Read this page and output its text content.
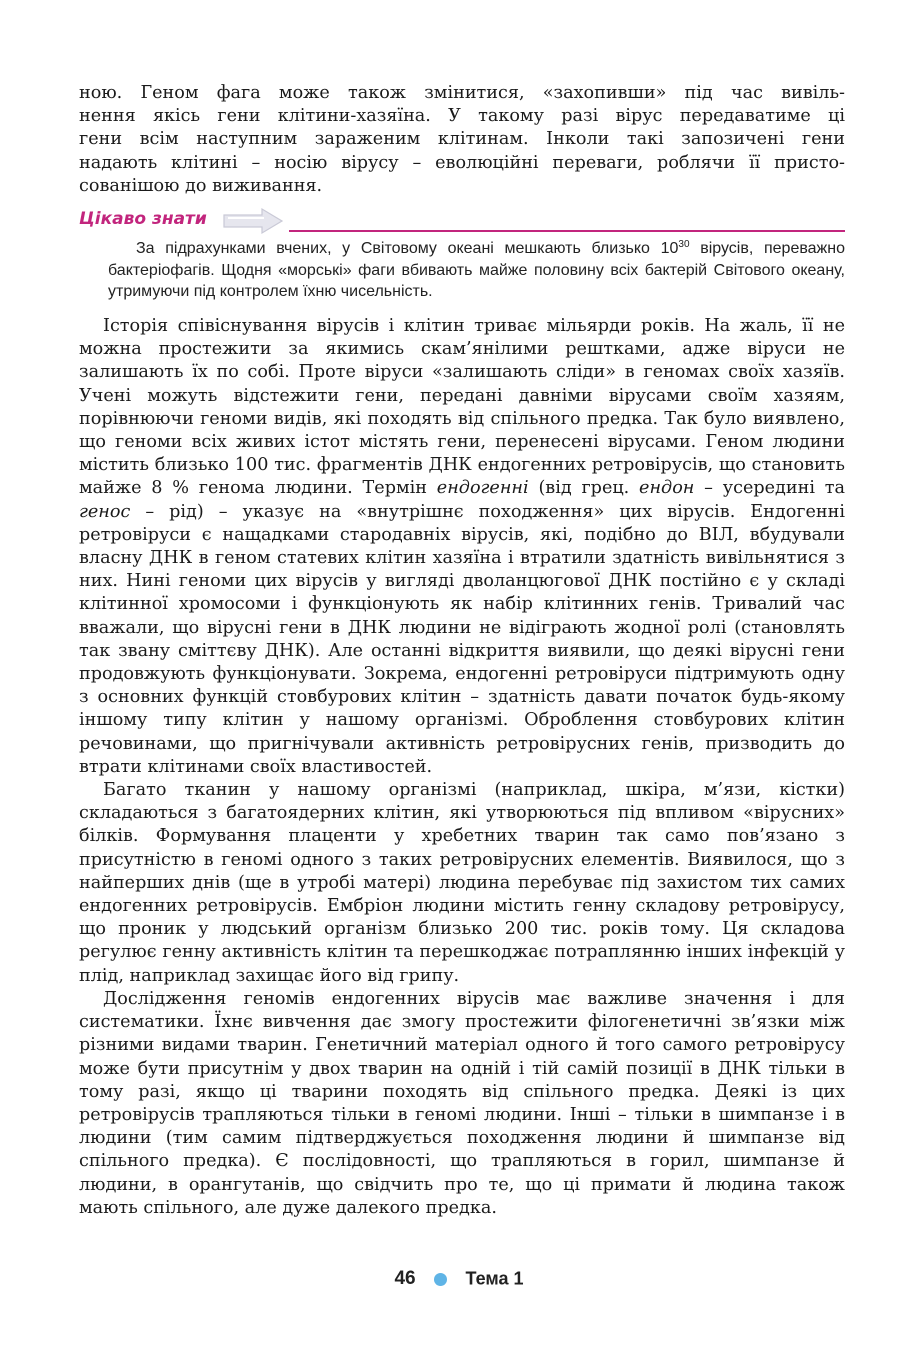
ною. Геном фага може також змінитися, «захопивши» під час вивіль-

нення якісь гени клітини-хазяїна. У такому разі вірус передаватиме ці

гени всім наступним зараженим клітинам. Інколи такі запозичені гени

надають клітині – носію вірусу – еволюційні переваги, роблячи її присто-

сованішою до виживання.

Цікаво знати

За підрахунками вчених, у Світовому океані мешкають близько $10^{30}$ вірусів, переважно бактеріофагів. Щодня «морські» фаги вбивають майже половину всіх бактерій Світового океану, утримуючи під контролем їхню чисельність.

Історія співіснування вірусів і клітин триває мільярди років. На жаль, її не можна простежити за якимись скам’янілими рештками, адже віруси не залишають їх по собі. Проте віруси «залишають сліди» в геномах своїх хазяїв. Учені можуть відстежити гени, передані давніми вірусами своїм хазяям, порівнюючи геноми видів, які походять від спільного предка. Так було виявлено, що геноми всіх живих істот містять гени, перенесені вірусами. Геном людини містить близько 100 тис. фрагментів ДНК ендогенних ретровірусів, що становить майже 8 % генома людини. Термін ендогенні (від грец. ендон – усередині та генос – рід) – указує на «внутрішнє походження» цих вірусів. Ендогенні ретровіруси є нащадками стародавніх вірусів, які, подібно до ВІЛ, вбудували власну ДНК в геном статевих клітин хазяїна і втратили здатність вивільнятися з них. Нині геноми цих вірусів у вигляді дволанцюгової ДНК постійно є у складі клітинної хромосоми і функціонують як набір клітинних генів. Тривалий час вважали, що вірусні гени в ДНК людини не відіграють жодної ролі (становлять так звану сміттєву ДНК). Але останні відкриття виявили, що деякі вірусні гени продовжують функціонувати. Зокрема, ендогенні ретровіруси підтримують одну з основних функцій стовбурових клітин – здатність давати початок будь-якому іншому типу клітин у нашому організмі. Оброблення стовбурових клітин речовинами, що пригнічували активність ретровірусних генів, призводить до втрати клітинами своїх властивостей.

Багато тканин у нашому організмі (наприклад, шкіра, м’язи, кістки) складаються з багатоядерних клітин, які утворюються під впливом «вірусних» білків. Формування плаценти у хребетних тварин так само пов’язано з присутністю в геномі одного з таких ретровірусних елементів. Виявилося, що з найперших днів (ще в утробі матері) людина перебуває під захистом тих самих ендогенних ретровірусів. Ембріон людини містить генну складову ретровірусу, що проник у людський організм близько 200 тис. років тому. Ця складова регулює генну активність клітин та перешкоджає потраплянню інших інфекцій у плід, наприклад захищає його від грипу.

Дослідження геномів ендогенних вірусів має важливе значення і для систематики. Їхнє вивчення дає змогу простежити філогенетичні зв’язки між різними видами тварин. Генетичний матеріал одного й того самого ретровірусу може бути присутнім у двох тварин на одній і тій самій позиції в ДНК тільки в тому разі, якщо ці тварини походять від спільного предка. Деякі із цих ретровірусів трапляються тільки в геномі людини. Інші – тільки в шимпанзе і в людини (тим самим підтверджується походження людини й шимпанзе від спільного предка). Є послідовності, що трапляються в горил, шимпанзе й людини, в орангутанів, що свідчить про те, що ці примати й людина також мають спільного, але дуже далекого предка.

46	Тема 1
